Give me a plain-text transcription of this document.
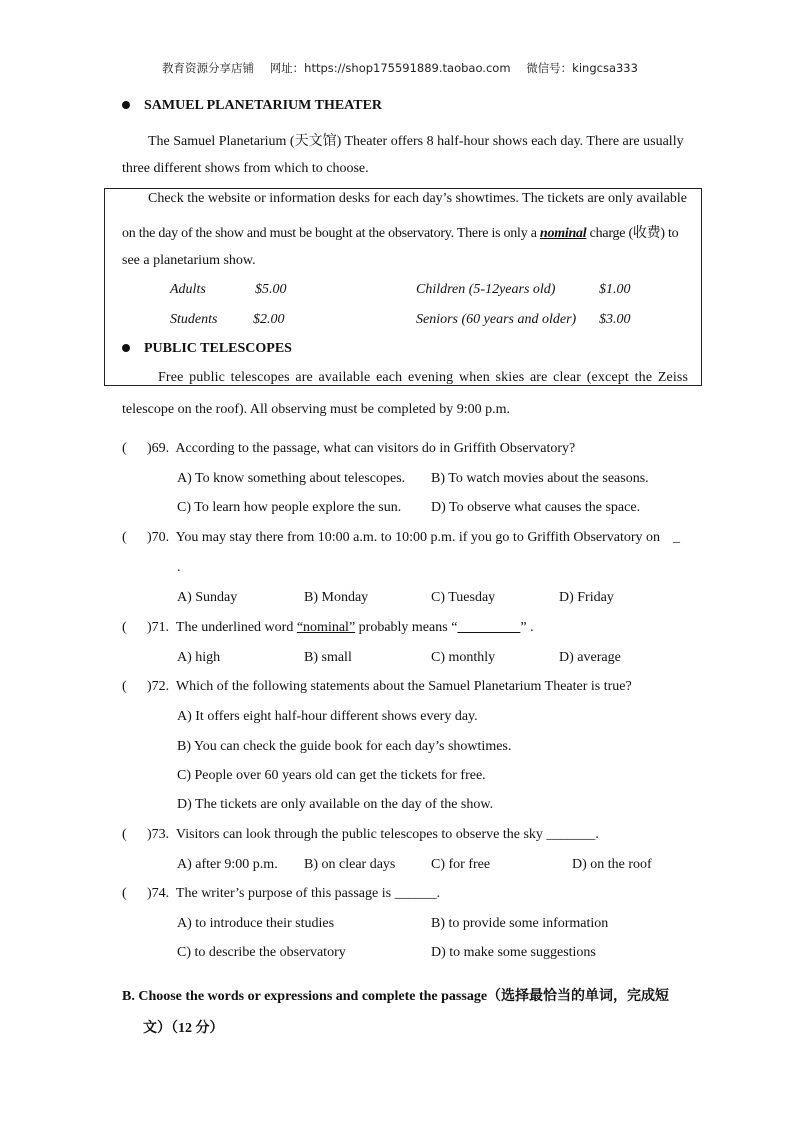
教育资源分享店铺 网址：https://shop175591889.taobao.com 微信号：kingcsa333
SAMUEL PLANETARIUM THEATER
The Samuel Planetarium (天文馆) Theater offers 8 half-hour shows each day. There are usually
three different shows from which to choose.
Check the website or information desks for each day’s showtimes. The tickets are only available
on the day of the show and must be bought at the observatory. There is only a nominal charge (收费) to
see a planetarium show.
Adults	$5.00	Children (5-12years old)	$1.00
Students	$2.00	Seniors (60 years and older) $3.00
PUBLIC TELESCOPES
Free public telescopes are available each evening when skies are clear (except the Zeiss
telescope on the roof). All observing must be completed by 9:00 p.m.
( )69. According to the passage, what can visitors do in Griffith Observatory?
A) To know something about telescopes. B) To watch movies about the seasons.
C) To learn how people explore the sun. D) To observe what causes the space.
( )70. You may stay there from 10:00 a.m. to 10:00 p.m. if you go to Griffith Observatory on _
.
A) Sunday	B) Monday	C) Tuesday	D) Friday
( )71. The underlined word “nominal” probably means “	” .
A) high	B) small	C) monthly	D) average
( )72. Which of the following statements about the Samuel Planetarium Theater is true?
A) It offers eight half-hour different shows every day.
B) You can check the guide book for each day’s showtimes.
C) People over 60 years old can get the tickets for free.
D) The tickets are only available on the day of the show.
( )73. Visitors can look through the public telescopes to observe the sky _______.
A) after 9:00 p.m. B) on clear days	C) for free	D) on the roof
( )74. The writer’s purpose of this passage is ______.
A) to introduce their studies	B) to provide some information
C) to describe the observatory	D) to make some suggestions
B. Choose the words or expressions and complete the passage（选择最恰当的单词，完成短
文）（12 分）
